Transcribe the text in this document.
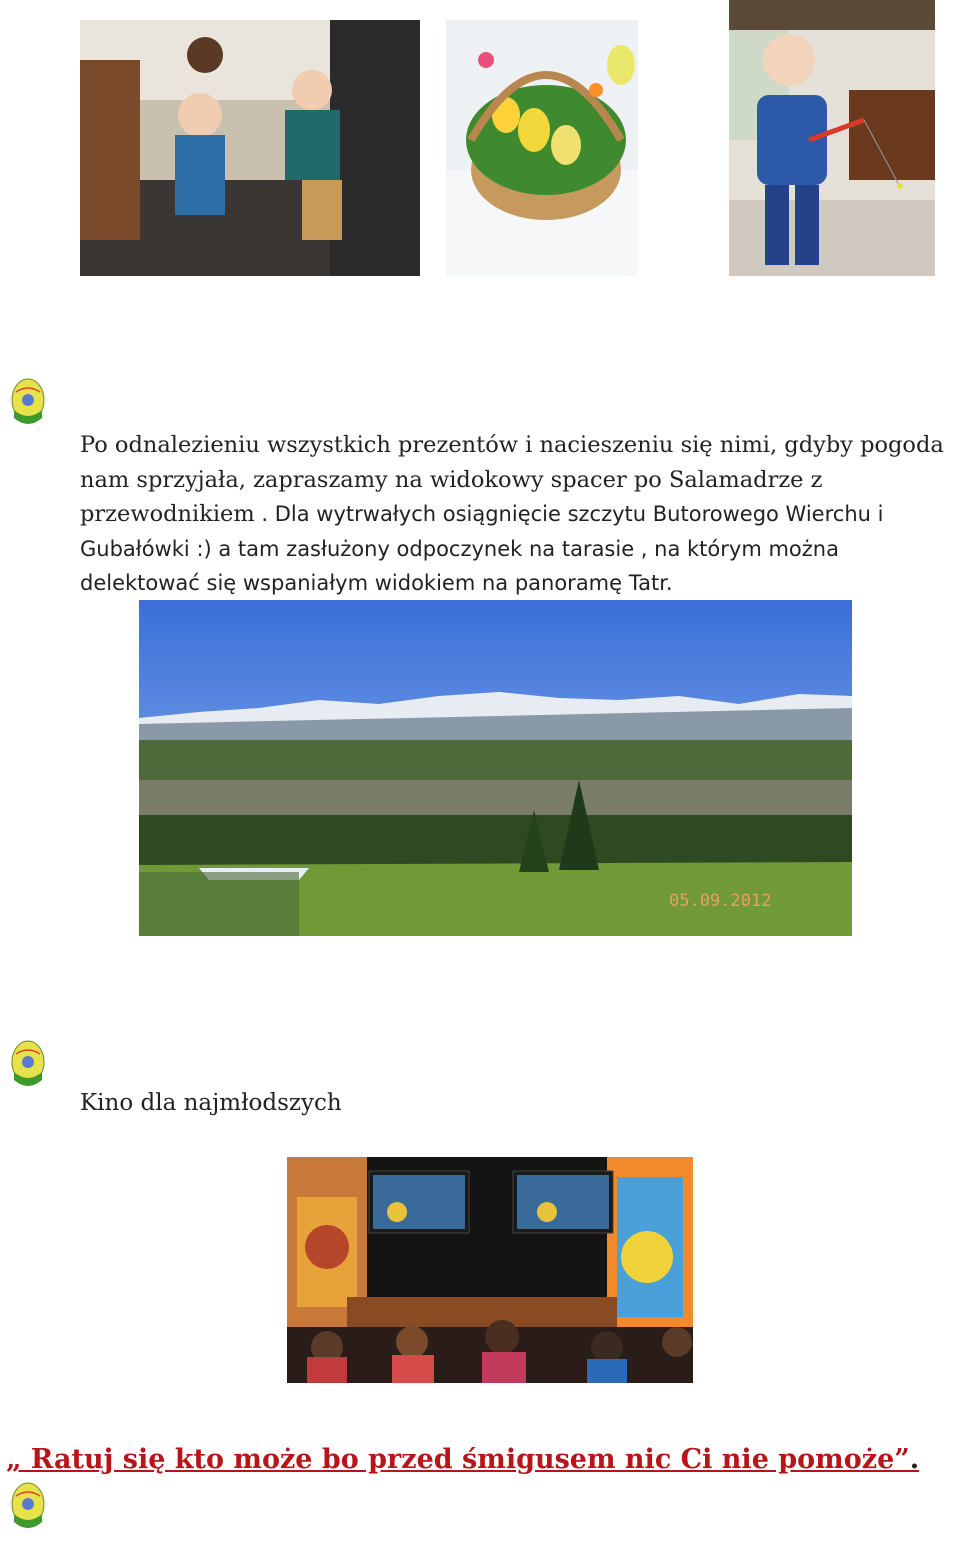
.
Po odnalezieniu wszystkich prezentów i nacieszeniu się nimi, gdyby pogoda nam sprzyjała, zapraszamy na widokowy spacer po Salamadrze z przewodnikiem . Dla wytrwałych osiągnięcie szczytu Butorowego Wierchu i Gubałówki :) a tam zasłużony odpoczynek na tarasie , na którym można delektować się wspaniałym widokiem na panoramę Tatr.
05.09.2012
Kino dla najmłodszych
„ Ratuj się kto może bo przed śmigusem nic Ci nie pomoże”.
